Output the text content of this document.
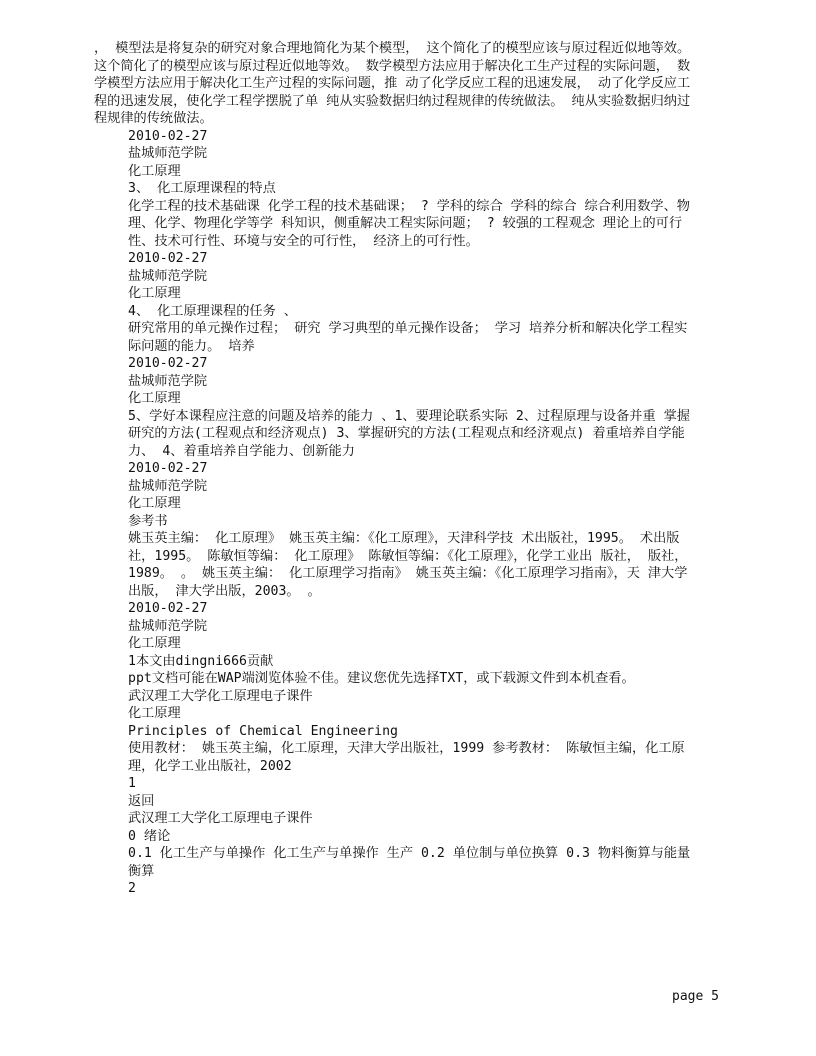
， 模型法是将复杂的研究对象合理地简化为某个模型， 这个简化了的模型应该与原过程近似地等效。 这个简化了的模型应该与原过程近似地等效。 数学模型方法应用于解决化工生产过程的实际问题， 数学模型方法应用于解决化工生产过程的实际问题，推 动了化学反应工程的迅速发展， 动了化学反应工程的迅速发展，使化学工程学摆脱了单 纯从实验数据归纳过程规律的传统做法。 纯从实验数据归纳过程规律的传统做法。

2010-02-27

盐城师范学院

化工原理

3、 化工原理课程的特点

化学工程的技术基础课 化学工程的技术基础课； ? 学科的综合 学科的综合 综合利用数学、物理、化学、物理化学等学 科知识，侧重解决工程实际问题； ? 较强的工程观念 理论上的可行性、技术可行性、环境与安全的可行性， 经济上的可行性。

2010-02-27

盐城师范学院

化工原理

4、 化工原理课程的任务 、

研究常用的单元操作过程； 研究 学习典型的单元操作设备； 学习 培养分析和解决化学工程实际问题的能力。 培养

2010-02-27

盐城师范学院

化工原理

5、学好本课程应注意的问题及培养的能力 、1、要理论联系实际 2、过程原理与设备并重 掌握研究的方法(工程观点和经济观点) 3、掌握研究的方法(工程观点和经济观点) 着重培养自学能力、 4、着重培养自学能力、创新能力

2010-02-27

盐城师范学院

化工原理

参考书

姚玉英主编： 化工原理》 姚玉英主编：《化工原理》，天津科学技 术出版社，1995。 术出版社，1995。 陈敏恒等编： 化工原理》 陈敏恒等编：《化工原理》，化学工业出 版社， 版社，1989。 。 姚玉英主编： 化工原理学习指南》 姚玉英主编：《化工原理学习指南》，天 津大学出版， 津大学出版，2003。 。

2010-02-27

盐城师范学院

化工原理

1本文由dingni666贡献

ppt文档可能在WAP端浏览体验不佳。建议您优先选择TXT，或下载源文件到本机查看。

武汉理工大学化工原理电子课件

化工原理

Principles of Chemical Engineering

使用教材： 姚玉英主编，化工原理，天津大学出版社，1999 参考教材： 陈敏恒主编，化工原理，化学工业出版社，2002

1

返回

武汉理工大学化工原理电子课件

0 绪论

0.1 化工生产与单操作 化工生产与单操作 生产 0.2 单位制与单位换算 0.3 物料衡算与能量衡算

2

page 5
